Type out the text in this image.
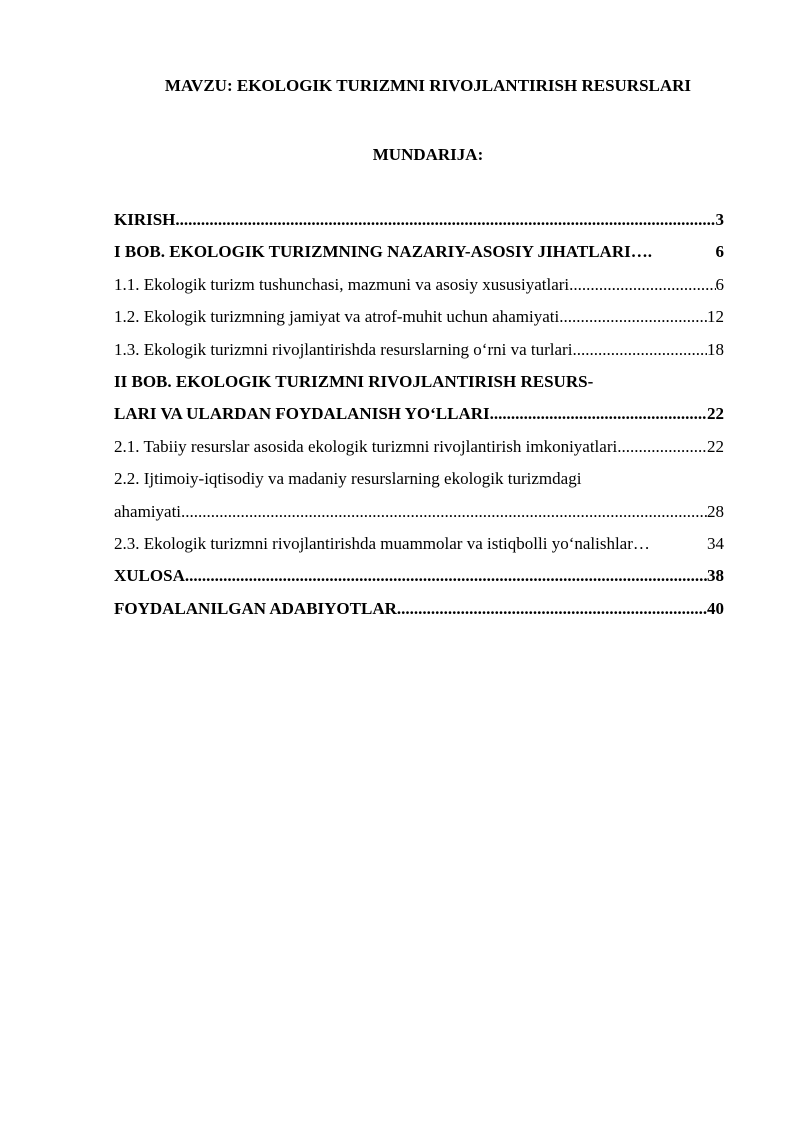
MAVZU: EKOLOGIK TURIZMNI RIVOJLANTIRISH RESURSLARI
MUNDARIJA:
KIRISH .....	3
I BOB. EKOLOGIK TURIZMNING NAZARIY-ASOSIY JIHATLARI….	6
1.1. Ekologik turizm tushunchasi, mazmuni va asosiy xususiyatlari .....	6
1.2. Ekologik turizmning jamiyat va atrof-muhit uchun ahamiyati .....	12
1.3. Ekologik turizmni rivojlantirishda resurslarning o‘rni va turlari .....	18
II BOB. EKOLOGIK TURIZMNI RIVOJLANTIRISH RESURS-
LARI VA ULARDAN FOYDALANISH YO‘LLARI .....	22
2.1. Tabiiy resurslar asosida ekologik turizmni rivojlantirish imkoniyatlari .....	22
2.2. Ijtimoiy-iqtisodiy va madaniy resurslarning ekologik turizmdagi
ahamiyati .....	28
2.3. Ekologik turizmni rivojlantirishda muammolar va istiqbolli yo‘nalishlar…	34
XULOSA .....	38
FOYDALANILGAN ADABIYOTLAR .....	40
